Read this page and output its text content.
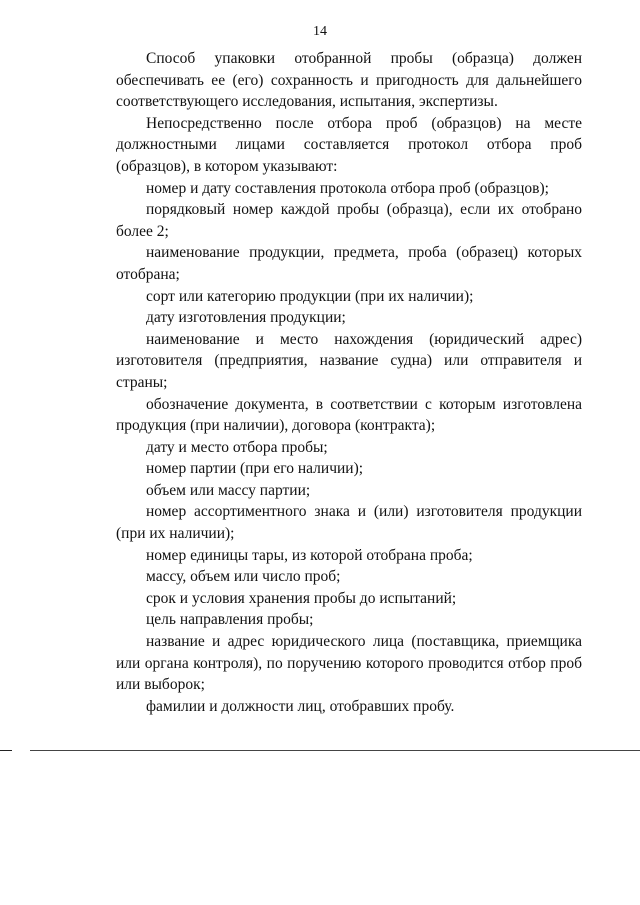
14

Способ упаковки отобранной пробы (образца) должен обеспечивать ее (его) сохранность и пригодность для дальнейшего соответствующего исследования, испытания, экспертизы.

Непосредственно после отбора проб (образцов) на месте должностными лицами составляется протокол отбора проб (образцов), в котором указывают:

номер и дату составления протокола отбора проб (образцов);

порядковый номер каждой пробы (образца), если их отобрано более 2;

наименование продукции, предмета, проба (образец) которых отобрана;

сорт или категорию продукции (при их наличии);

дату изготовления продукции;

наименование и место нахождения (юридический адрес) изготовителя (предприятия, название судна) или отправителя и страны;

обозначение документа, в соответствии с которым изготовлена продукция (при наличии), договора (контракта);

дату и место отбора пробы;

номер партии (при его наличии);

объем или массу партии;

номер ассортиментного знака и (или) изготовителя продукции (при их наличии);

номер единицы тары, из которой отобрана проба;

массу, объем или число проб;

срок и условия хранения пробы до испытаний;

цель направления пробы;

название и адрес юридического лица (поставщика, приемщика или органа контроля), по поручению которого проводится отбор проб или выборок;

фамилии и должности лиц, отобравших пробу.
